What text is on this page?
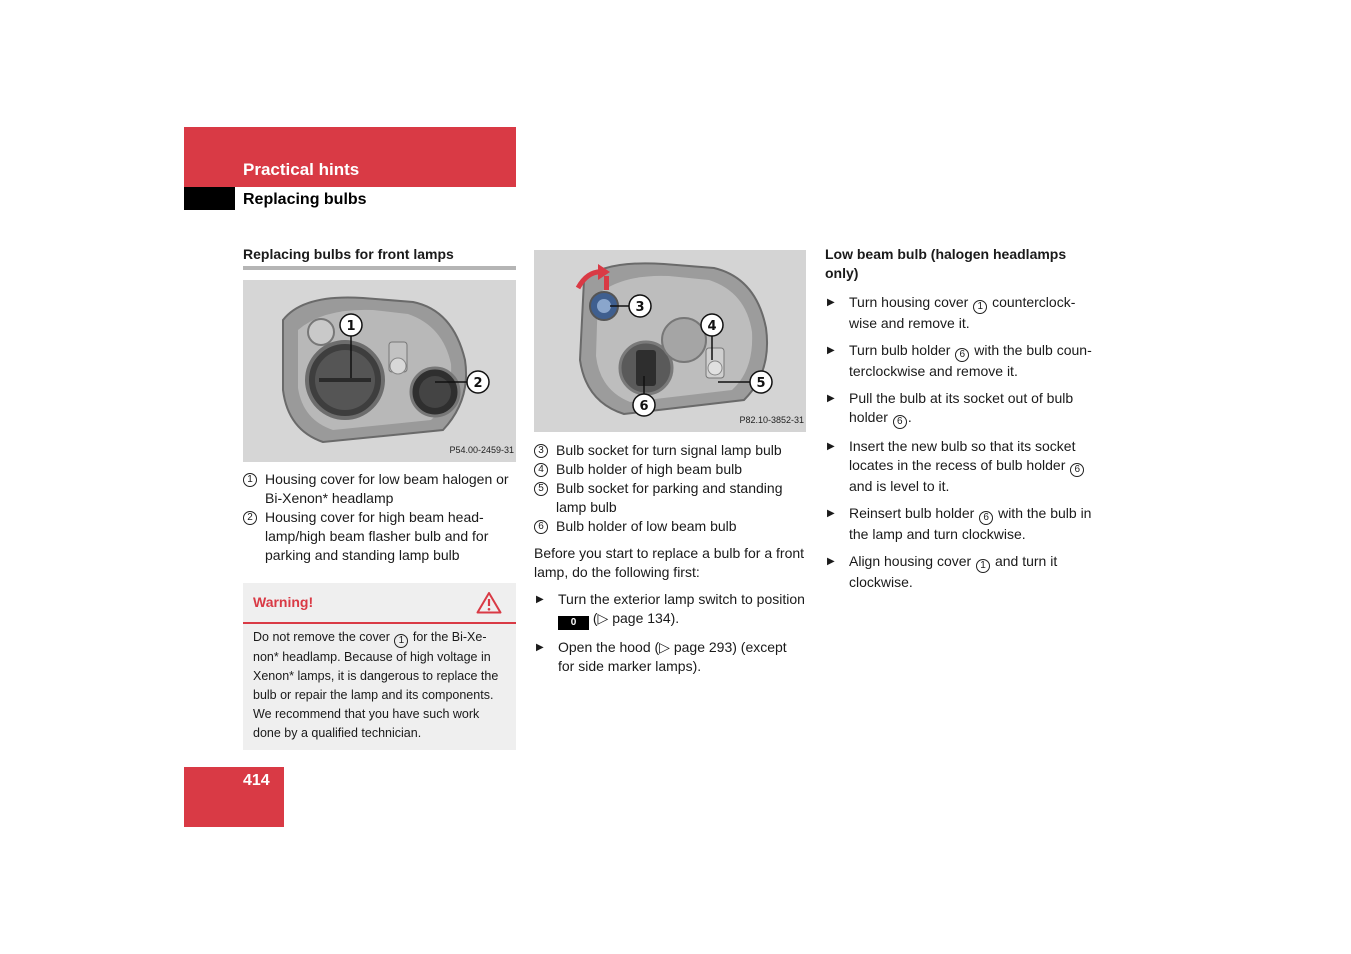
Practical hints
Replacing bulbs
Replacing bulbs for front lamps
1
2
P54.00-2459-31
1 Housing cover for low beam halogen or Bi-Xenon* headlamp
2 Housing cover for high beam head-lamp/high beam flasher bulb and for parking and standing lamp bulb
Warning!
Do not remove the cover 1 for the Bi-Xe-non* headlamp. Because of high voltage in Xenon* lamps, it is dangerous to replace the bulb or repair the lamp and its components. We recommend that you have such work done by a qualified technician.
3
4
5
6
P82.10-3852-31
3 Bulb socket for turn signal lamp bulb
4 Bulb holder of high beam bulb
5 Bulb socket for parking and standing lamp bulb
6 Bulb holder of low beam bulb
Before you start to replace a bulb for a front lamp, do the following first:
▶ Turn the exterior lamp switch to position 0 (▷ page 134).
▶ Open the hood (▷ page 293) (except for side marker lamps).
Low beam bulb (halogen headlamps only)
▶ Turn housing cover 1 counterclock-wise and remove it.
▶ Turn bulb holder 6 with the bulb coun-terclockwise and remove it.
▶ Pull the bulb at its socket out of bulb holder 6 .
▶ Insert the new bulb so that its socket locates in the recess of bulb holder 6 and is level to it.
▶ Reinsert bulb holder 6 with the bulb in the lamp and turn clockwise.
▶ Align housing cover 1 and turn it clockwise.
414
